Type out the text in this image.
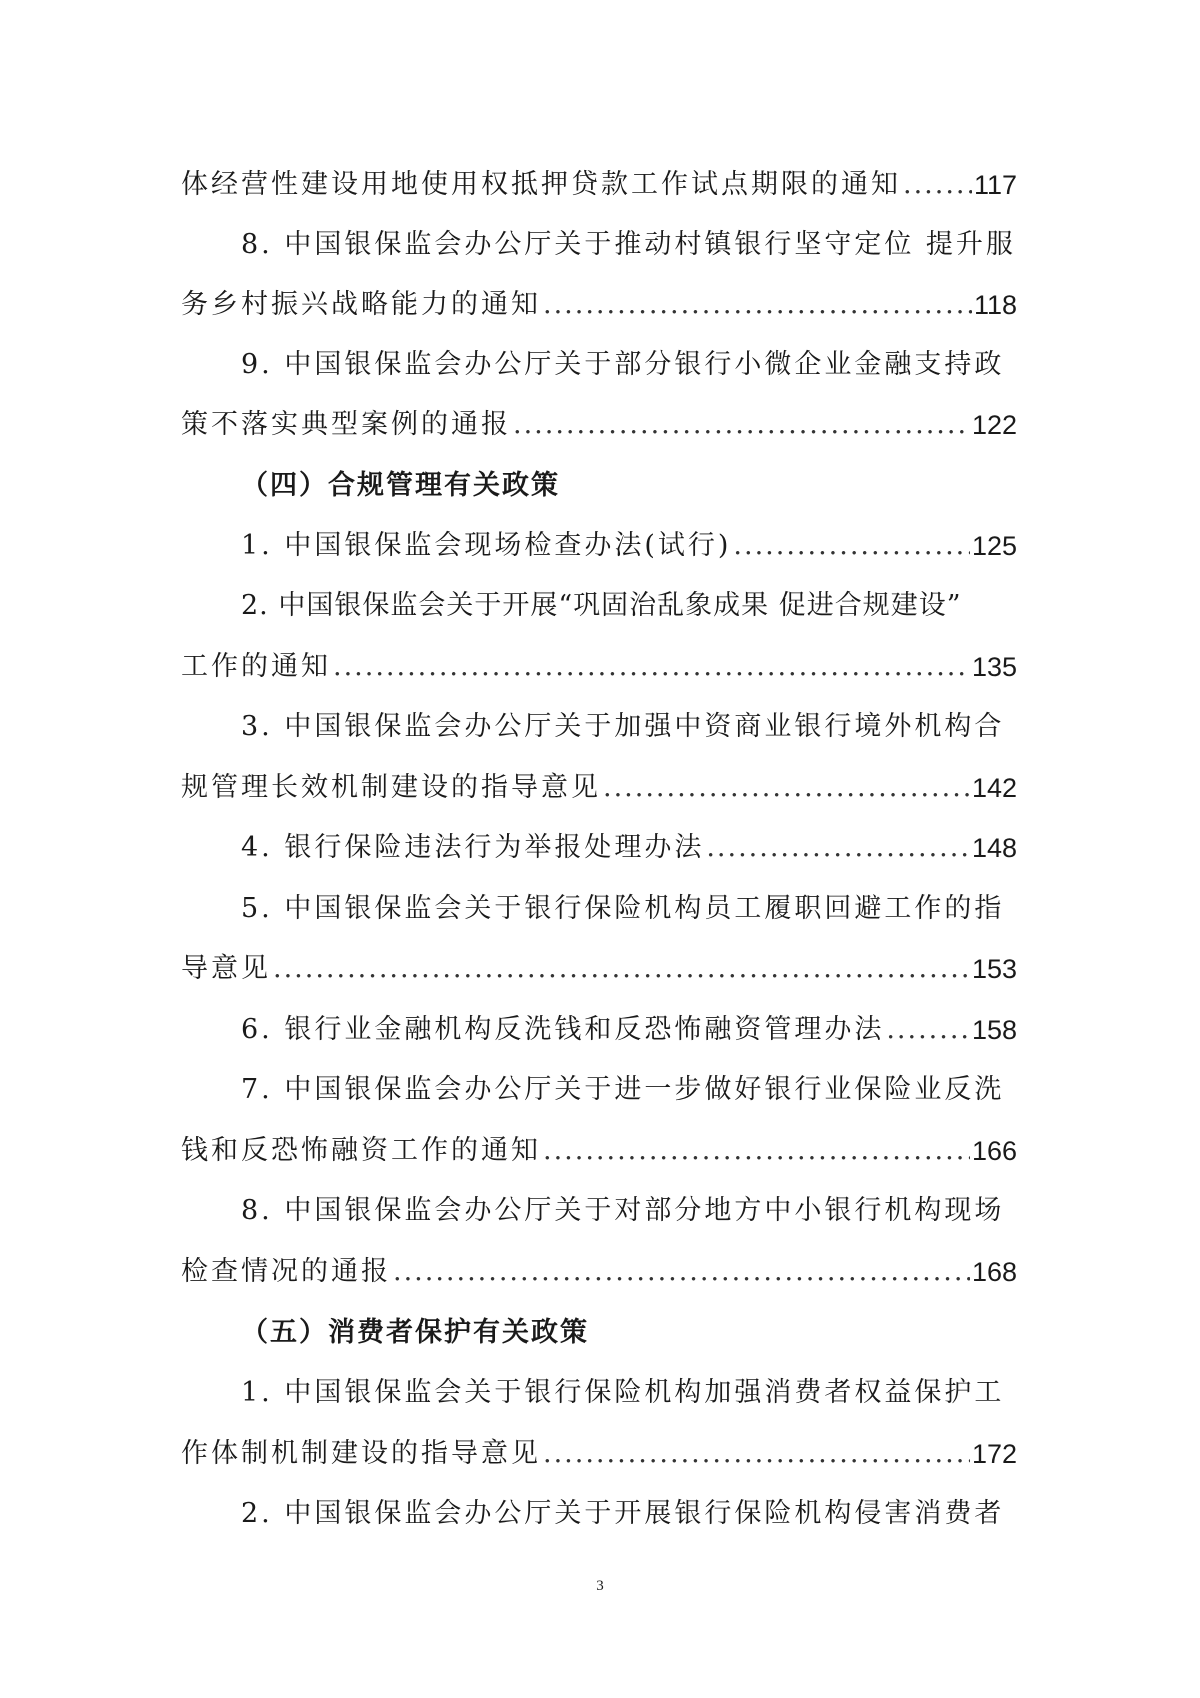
体经营性建设用地使用权抵押贷款工作试点期限的通知 .....	117
8. 中国银保监会办公厅关于推动村镇银行坚守定位 提升服
务乡村振兴战略能力的通知 .....	118
9. 中国银保监会办公厅关于部分银行小微企业金融支持政
策不落实典型案例的通报 .....	122
（四）合规管理有关政策
1. 中国银保监会现场检查办法(试行) .....	125
2. 中国银保监会关于开展“巩固治乱象成果 促进合规建设”
工作的通知 .....	135
3. 中国银保监会办公厅关于加强中资商业银行境外机构合
规管理长效机制建设的指导意见 .....	142
4. 银行保险违法行为举报处理办法 .....	148
5. 中国银保监会关于银行保险机构员工履职回避工作的指
导意见 .....	153
6. 银行业金融机构反洗钱和反恐怖融资管理办法 .....	158
7. 中国银保监会办公厅关于进一步做好银行业保险业反洗
钱和反恐怖融资工作的通知 .....	166
8. 中国银保监会办公厅关于对部分地方中小银行机构现场
检查情况的通报 .....	168
（五）消费者保护有关政策
1. 中国银保监会关于银行保险机构加强消费者权益保护工
作体制机制建设的指导意见 .....	172
2. 中国银保监会办公厅关于开展银行保险机构侵害消费者
3
